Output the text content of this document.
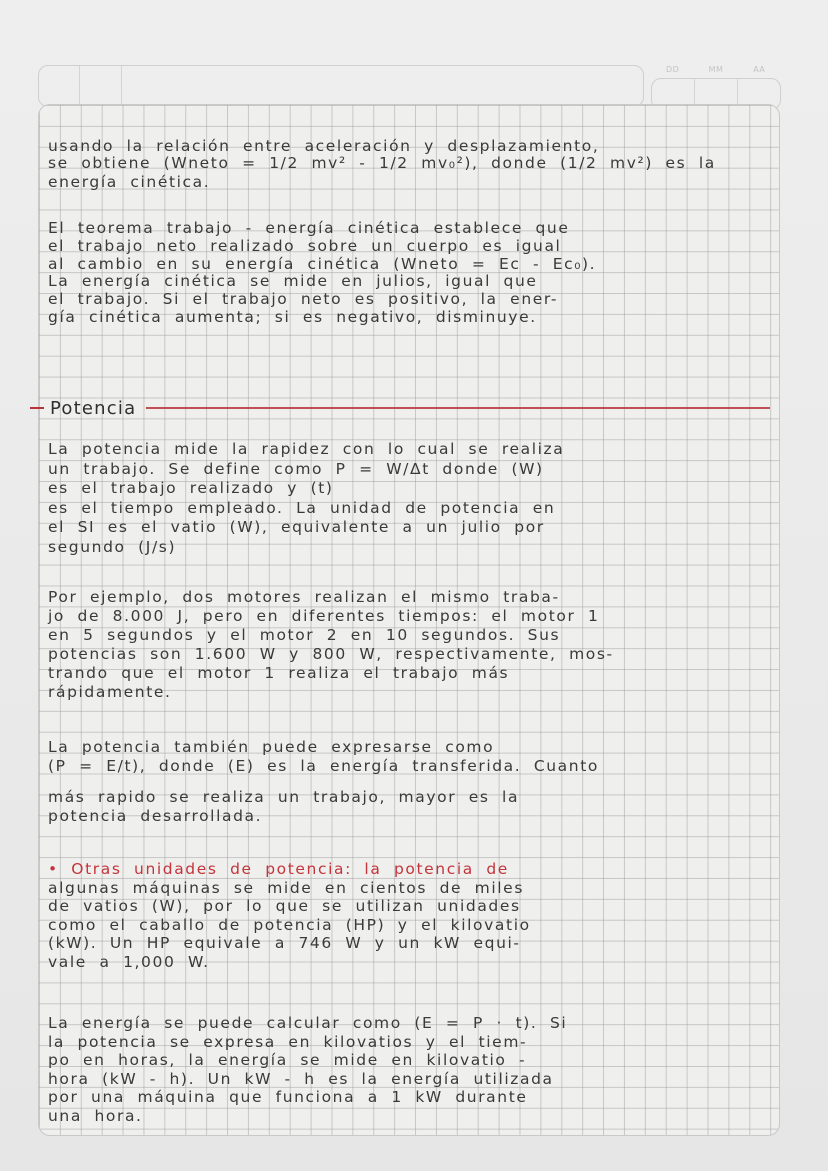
DD	MM	AA
usando la relación entre aceleración y desplazamiento,
se obtiene (Wneto = 1/2 mv² - 1/2 mv₀²), donde (1/2 mv²) es la
energía cinética.
El teorema trabajo - energía cinética establece que
el trabajo neto realizado sobre un cuerpo es igual
al cambio en su energía cinética (Wneto = Ec - Ec₀).
La energía cinética se mide en julios, igual que
el trabajo. Si el trabajo neto es positivo, la ener-
gía cinética aumenta; si es negativo, disminuye.
Potencia
La potencia mide la rapidez con lo cual se realiza
un trabajo. Se define como P = W/Δt donde (W)
es el trabajo realizado y (t)
es el tiempo empleado. La unidad de potencia en
el SI es el vatio (W), equivalente a un julio por
segundo (J/s)
Por ejemplo, dos motores realizan el mismo traba-
jo de 8.000 J, pero en diferentes tiempos: el motor 1
en 5 segundos y el motor 2 en 10 segundos. Sus
potencias son 1.600 W y 800 W, respectivamente, mos-
trando que el motor 1 realiza el trabajo más
rápidamente.
La potencia también puede expresarse como
(P = E/t), donde (E) es la energía transferida. Cuanto
más rapido se realiza un trabajo, mayor es la
potencia desarrollada.
• Otras unidades de potencia: la potencia de
algunas máquinas se mide en cientos de miles
de vatios (W), por lo que se utilizan unidades
como el caballo de potencia (HP) y el kilovatio
(kW). Un HP equivale a 746 W y un kW equi-
vale a 1,000 W.
La energía se puede calcular como (E = P · t). Si
la potencia se expresa en kilovatios y el tiem-
po en horas, la energía se mide en kilovatio -
hora (kW - h). Un kW - h es la energía utilizada
por una máquina que funciona a 1 kW durante
una hora.
